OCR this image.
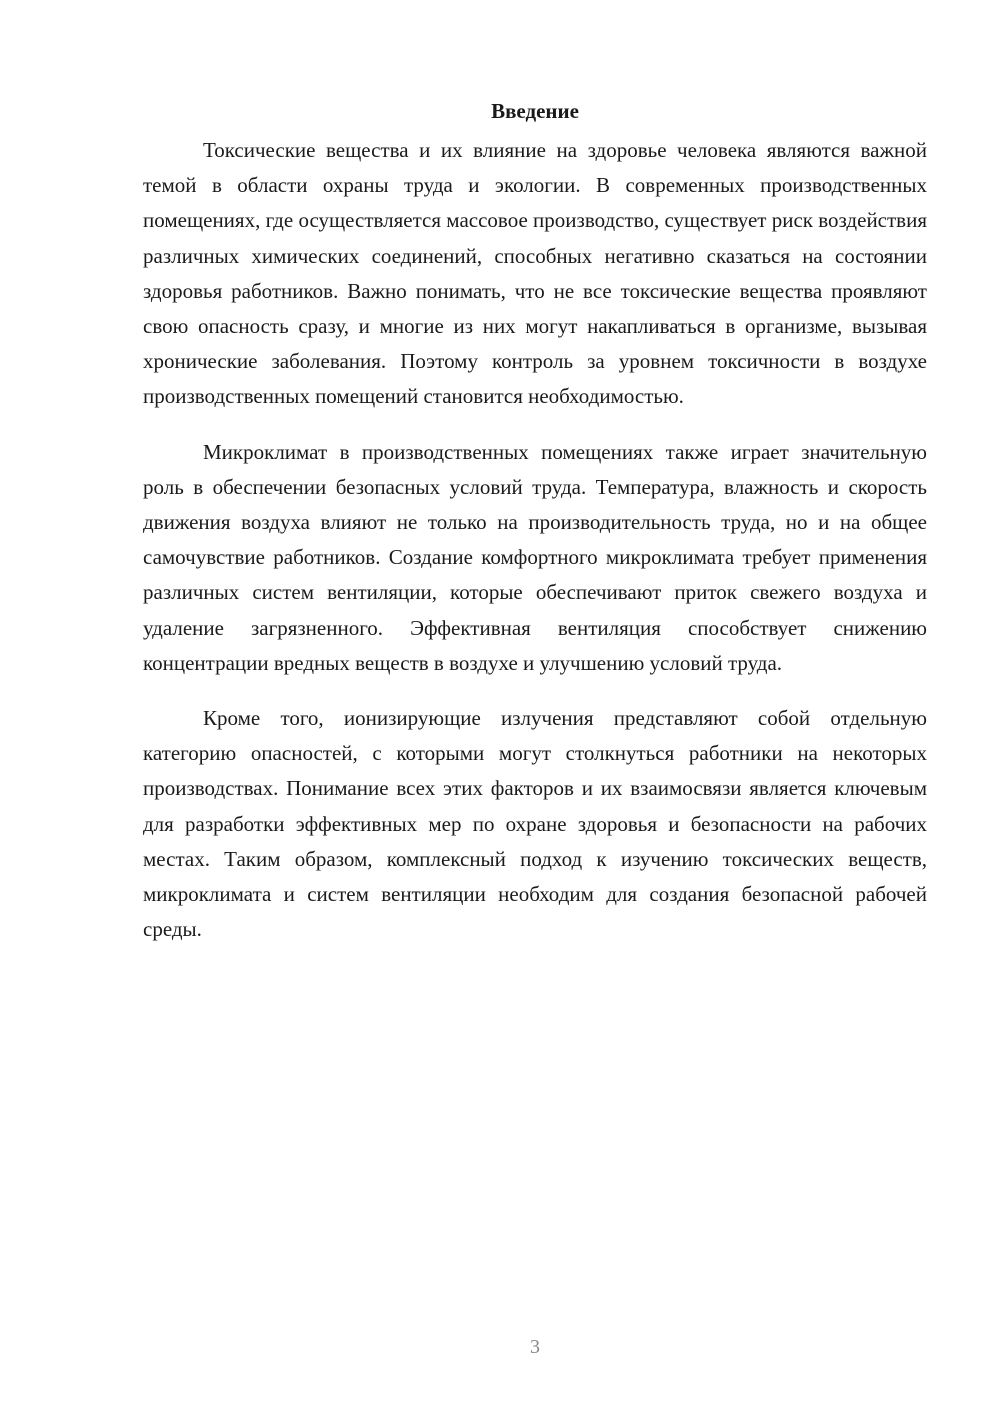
Введение

Токсические вещества и их влияние на здоровье человека являются важной темой в области охраны труда и экологии. В современных производственных помещениях, где осуществляется массовое производство, существует риск воздействия различных химических соединений, способных негативно сказаться на состоянии здоровья работников. Важно понимать, что не все токсические вещества проявляют свою опасность сразу, и многие из них могут накапливаться в организме, вызывая хронические заболевания. Поэтому контроль за уровнем токсичности в воздухе производственных помещений становится необходимостью.

Микроклимат в производственных помещениях также играет значительную роль в обеспечении безопасных условий труда. Температура, влажность и скорость движения воздуха влияют не только на производительность труда, но и на общее самочувствие работников. Создание комфортного микроклимата требует применения различных систем вентиляции, которые обеспечивают приток свежего воздуха и удаление загрязненного. Эффективная вентиляция способствует снижению концентрации вредных веществ в воздухе и улучшению условий труда.

Кроме того, ионизирующие излучения представляют собой отдельную категорию опасностей, с которыми могут столкнуться работники на некоторых производствах. Понимание всех этих факторов и их взаимосвязи является ключевым для разработки эффективных мер по охране здоровья и безопасности на рабочих местах. Таким образом, комплексный подход к изучению токсических веществ, микроклимата и систем вентиляции необходим для создания безопасной рабочей среды.

3
